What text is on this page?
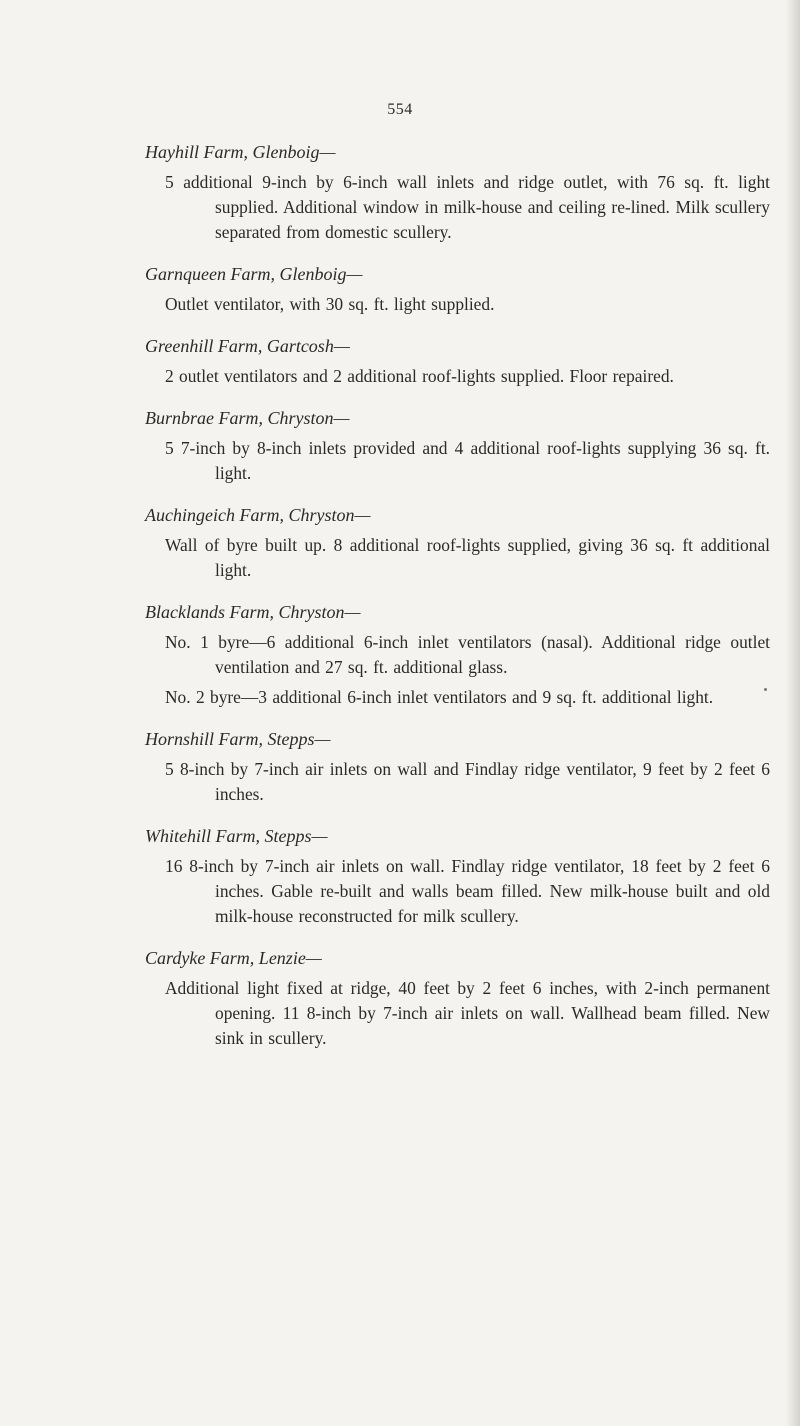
554
Hayhill Farm, Glenboig—

5 additional 9-inch by 6-inch wall inlets and ridge outlet, with 76 sq. ft. light supplied. Additional window in milk-house and ceiling re-lined. Milk scullery separated from domestic scullery.

Garnqueen Farm, Glenboig—

Outlet ventilator, with 30 sq. ft. light supplied.

Greenhill Farm, Gartcosh—

2 outlet ventilators and 2 additional roof-lights supplied. Floor repaired.

Burnbrae Farm, Chryston—

5 7-inch by 8-inch inlets provided and 4 additional roof-lights supplying 36 sq. ft. light.

Auchingeich Farm, Chryston—

Wall of byre built up. 8 additional roof-lights supplied, giving 36 sq. ft additional light.

Blacklands Farm, Chryston—

No. 1 byre—6 additional 6-inch inlet ventilators (nasal). Additional ridge outlet ventilation and 27 sq. ft. additional glass.

No. 2 byre—3 additional 6-inch inlet ventilators and 9 sq. ft. additional light.

Hornshill Farm, Stepps—

5 8-inch by 7-inch air inlets on wall and Findlay ridge ventilator, 9 feet by 2 feet 6 inches.

Whitehill Farm, Stepps—

16 8-inch by 7-inch air inlets on wall. Findlay ridge ventilator, 18 feet by 2 feet 6 inches. Gable re-built and walls beam filled. New milk-house built and old milk-house reconstructed for milk scullery.

Cardyke Farm, Lenzie—

Additional light fixed at ridge, 40 feet by 2 feet 6 inches, with 2-inch permanent opening. 11 8-inch by 7-inch air inlets on wall. Wallhead beam filled. New sink in scullery.
